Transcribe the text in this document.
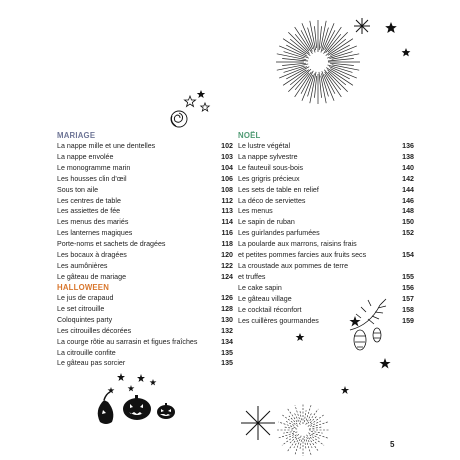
MARIAGE
La nappe mille et une dentelles	102
La nappe envolée	103
Le monogramme marin	104
Les housses clin d'œil	106
Sous ton aile	108
Les centres de table	112
Les assiettes de fée	113
Les menus des mariés	114
Les lanternes magiques	116
Porte-noms et sachets de dragées	118
Les bocaux à dragées	120
Les aumônières	122
Le gâteau de mariage	124
HALLOWEEN
Le jus de crapaud	126
Le set citrouille	128
Coloquintes party	130
Les citrouilles décorées	132
La courge rôtie au sarrasin et figues fraîches	134
La citrouille confite	135
Le gâteau pas sorcier	135
NOËL
Le lustre végétal	136
La nappe sylvestre	138
Le fauteuil sous-bois	140
Les grigris précieux	142
Les sets de table en relief	144
La déco de serviettes	146
Les menus	148
Le sapin de ruban	150
Les guirlandes parfumées	152
La poularde aux marrons, raisins frais
et petites pommes farcies aux fruits secs	154
La croustade aux pommes de terre
et truffes	155
Le cake sapin	156
Le gâteau village	157
Le cocktail réconfort	158
Les cuillères gourmandes	159
5
